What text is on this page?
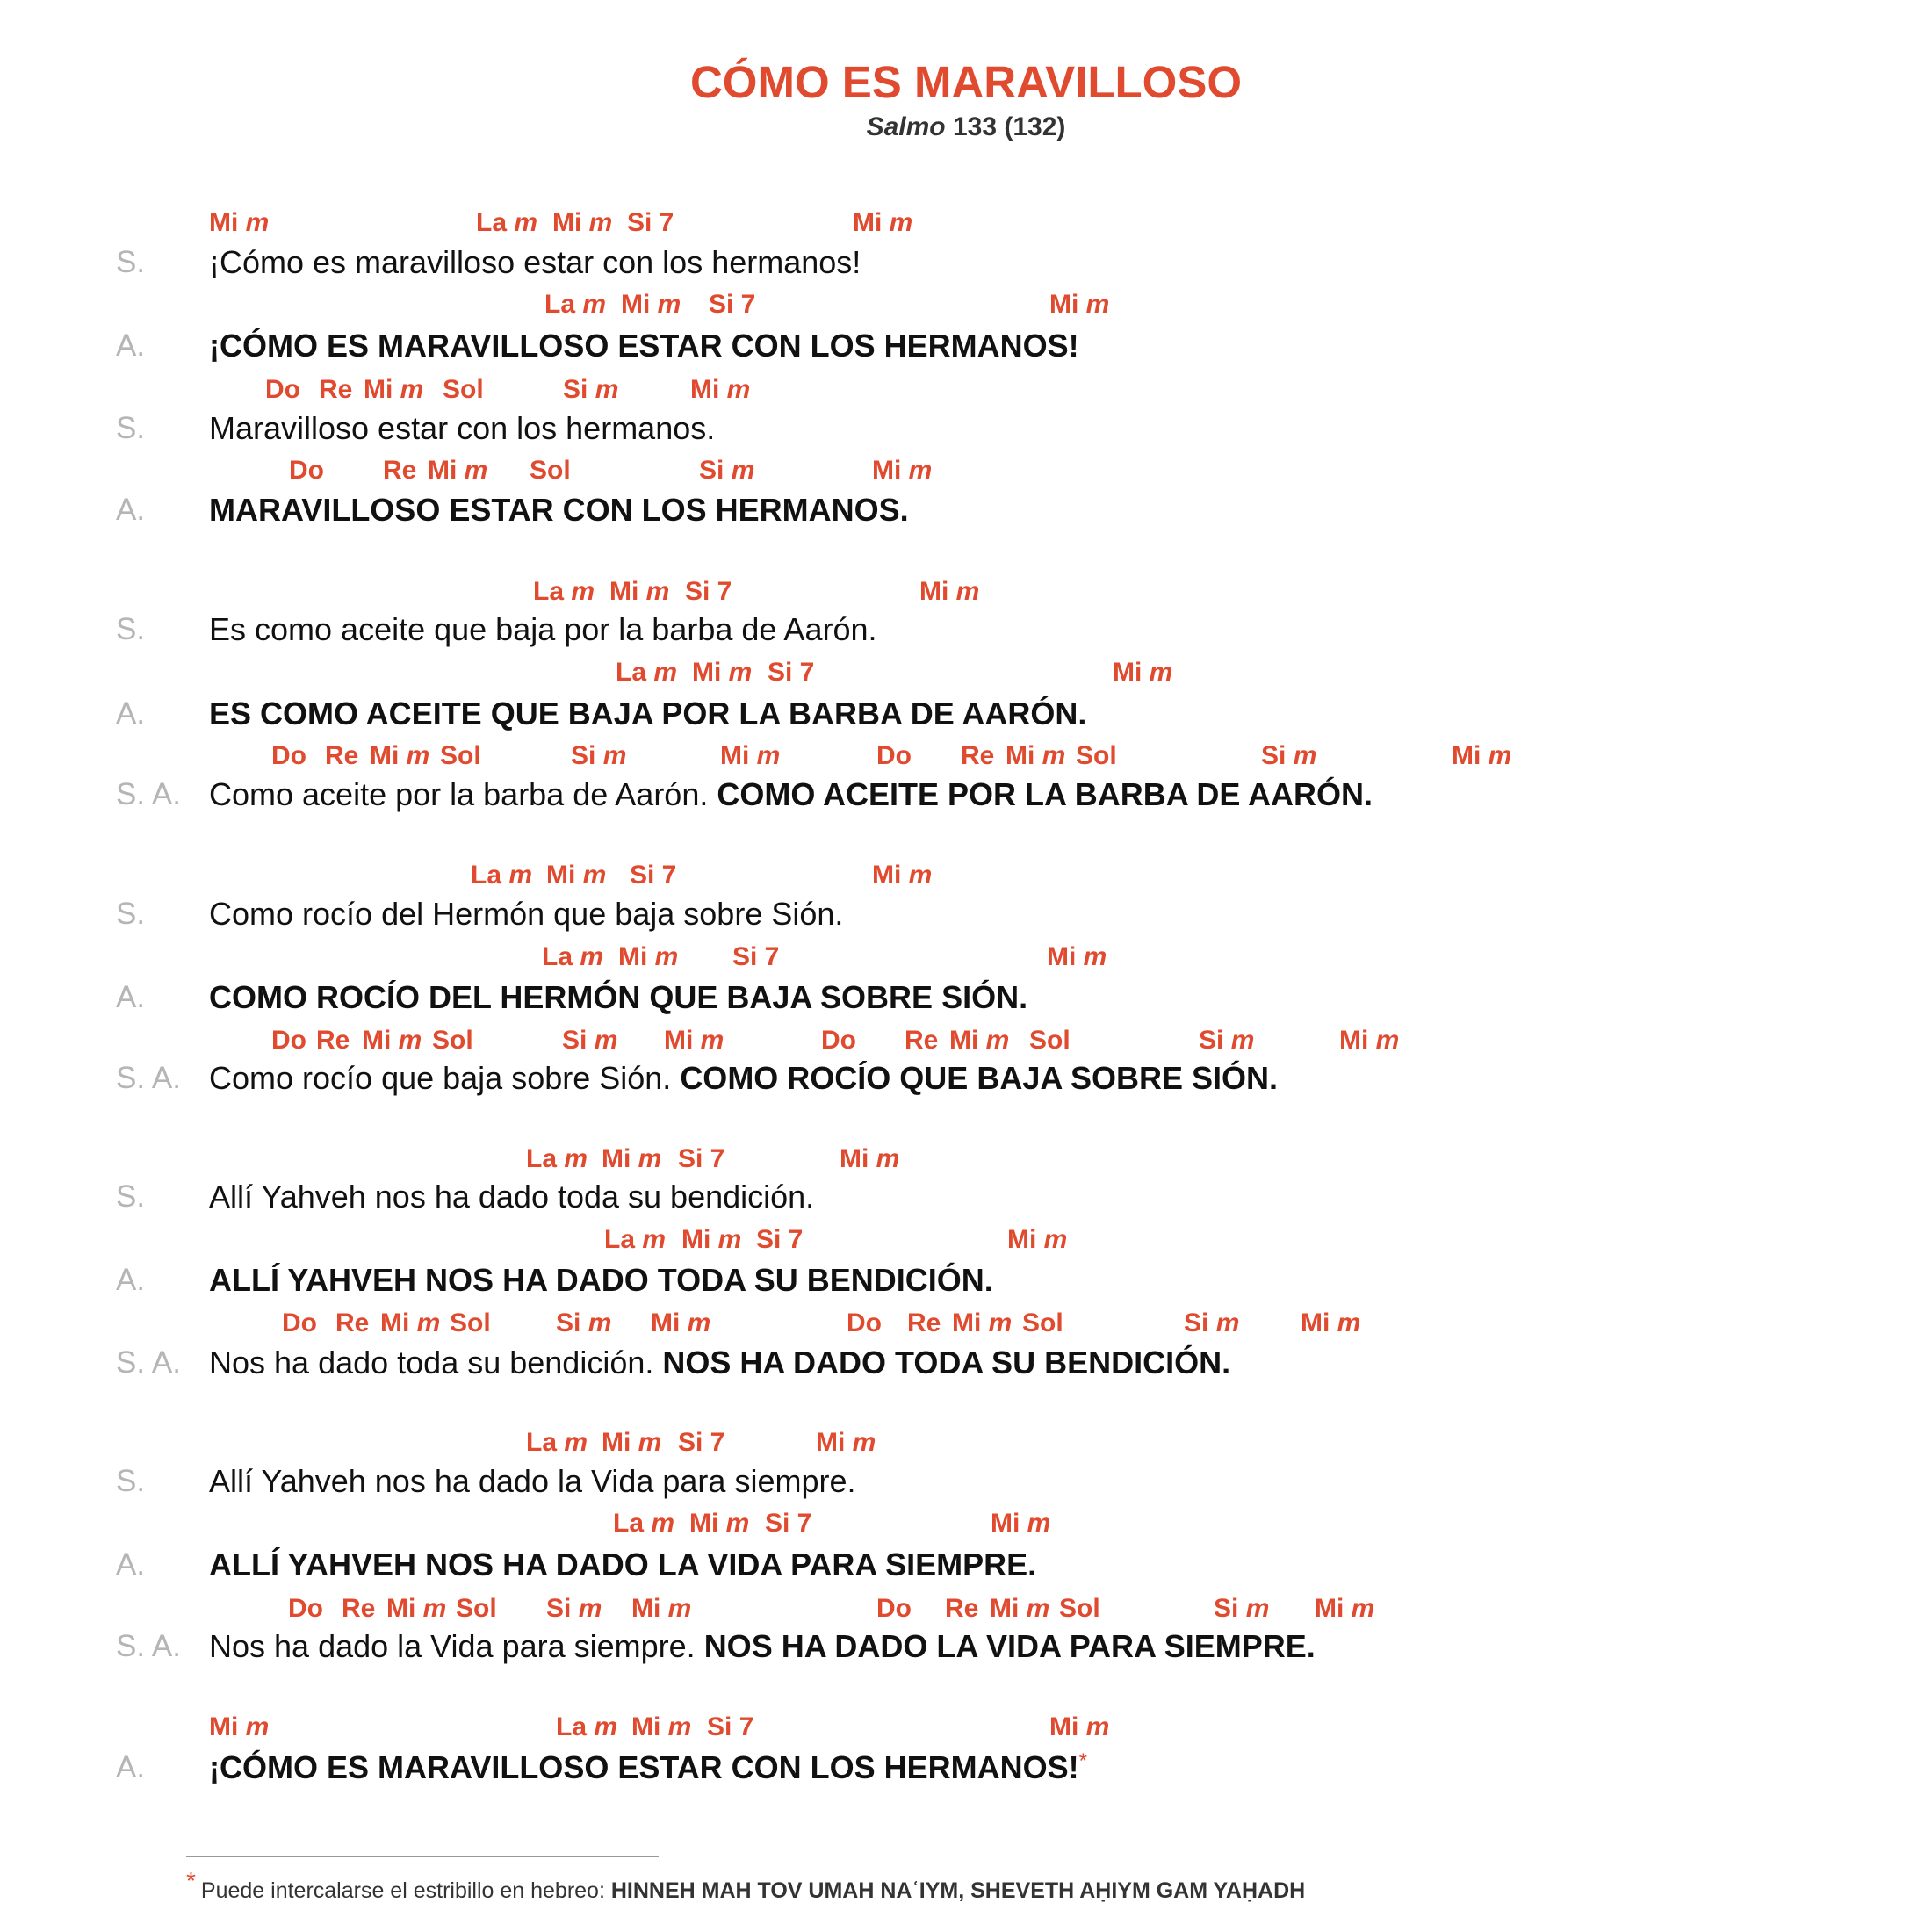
CÓMO ES MARAVILLOSO
Salmo 133 (132)
Mi m	La m Mi m Si 7	Mi m
S. ¡Cómo es maravilloso estar con los hermanos!
La m Mi m Si 7	Mi m
A. ¡CÓMO ES MARAVILLOSO ESTAR CON LOS HERMANOS!
Do Re Mi m Sol	Si m	Mi m
S. Maravilloso estar con los hermanos.
Do Re Mi m Sol	Si m	Mi m
A. MARAVILLOSO ESTAR CON LOS HERMANOS.
La m Mi m Si 7	Mi m
S. Es como aceite que baja por la barba de Aarón.
La m Mi m Si 7	Mi m
A. ES COMO ACEITE QUE BAJA POR LA BARBA DE AARÓN.
Do Re Mi m Sol	Si m	Mi m	Do Re Mi m Sol	Si m	Mi m
S. A. Como aceite por la barba de Aarón. COMO ACEITE POR LA BARBA DE AARÓN.
La m Mi m Si 7	Mi m
S. Como rocío del Hermón que baja sobre Sión.
La m Mi m Si 7	Mi m
A. COMO ROCÍO DEL HERMÓN QUE BAJA SOBRE SIÓN.
Do Re Mi m Sol	Si m Mi m	Do Re Mi m Sol	Si m	Mi m
S. A. Como rocío que baja sobre Sión. COMO ROCÍO QUE BAJA SOBRE SIÓN.
La m Mi m Si 7	Mi m
S. Allí Yahveh nos ha dado toda su bendición.
La m Mi m Si 7	Mi m
A. ALLÍ YAHVEH NOS HA DADO TODA SU BENDICIÓN.
Do Re Mi m Sol Si m Mi m	Do Re Mi m Sol	Si m Mi m
S. A. Nos ha dado toda su bendición. NOS HA DADO TODA SU BENDICIÓN.
La m Mi m Si 7	Mi m
S. Allí Yahveh nos ha dado la Vida para siempre.
La m Mi m Si 7	Mi m
A. ALLÍ YAHVEH NOS HA DADO LA VIDA PARA SIEMPRE.
Do Re Mi m Sol Si m Mi m	Do Re Mi m Sol	Si m Mi m
S. A. Nos ha dado la Vida para siempre. NOS HA DADO LA VIDA PARA SIEMPRE.
Mi m	La m Mi m Si 7	Mi m
A. ¡CÓMO ES MARAVILLOSO ESTAR CON LOS HERMANOS!*
* Puede intercalarse el estribillo en hebreo: HINNEH MAH TOV UMAH NAʿIYM, SHEVETH AḤIYM GAM YAḤADH
